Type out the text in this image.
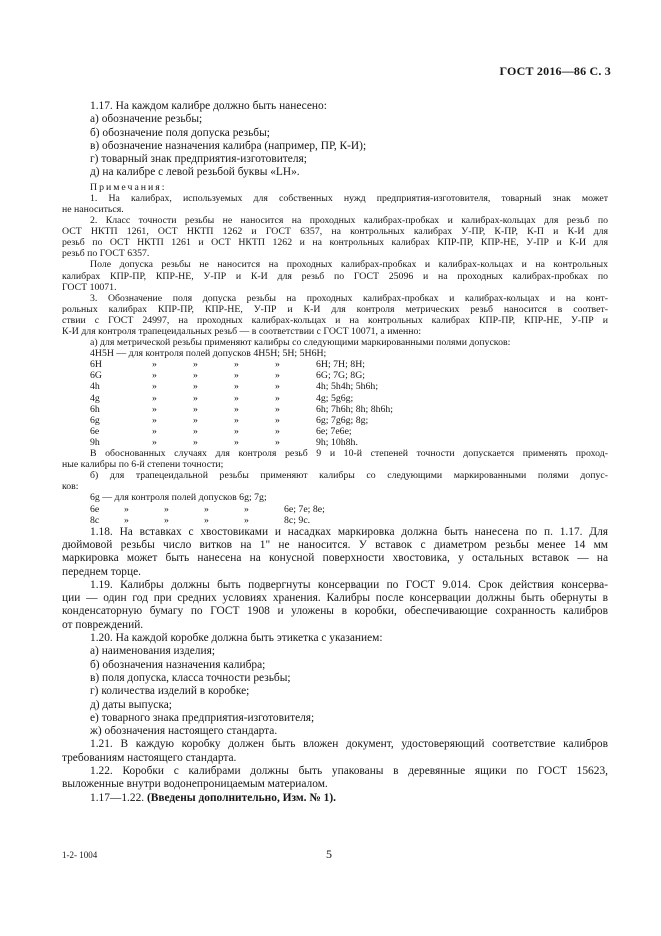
ГОСТ 2016—86 С. 3
1.17. На каждом калибре должно быть нанесено:
а) обозначение резьбы;
б) обозначение поля допуска резьбы;
в) обозначение назначения калибра (например, ПР, К-И);
г) товарный знак предприятия-изготовителя;
д) на калибре с левой резьбой буквы «LH».
Примечания:
1. На калибрах, используемых для собственных нужд предприятия-изготовителя, товарный знак может
не наноситься.
2. Класс точности резьбы не наносится на проходных калибрах-пробках и калибрах-кольцах для резьб по
ОСТ НКТП 1261, ОСТ НКТП 1262 и ГОСТ 6357, на контрольных калибрах У-ПР, К-ПР, К-П и К-И для
резьб по ОСТ НКТП 1261 и ОСТ НКТП 1262 и на контрольных калибрах КПР-ПР, КПР-НЕ, У-ПР и К-И для
резьб по ГОСТ 6357.
Поле допуска резьбы не наносится на проходных калибрах-пробках и калибрах-кольцах и на контрольных
калибрах КПР-ПР, КПР-НЕ, У-ПР и К-И для резьб по ГОСТ 25096 и на проходных калибрах-пробках по
ГОСТ 10071.
3. Обозначение поля допуска резьбы на проходных калибрах-пробках и калибрах-кольцах и на конт-
рольных калибрах КПР-ПР, КПР-НЕ, У-ПР и К-И для контроля метрических резьб наносится в соответ-
ствии с ГОСТ 24997, на проходных калибрах-кольцах и на контрольных калибрах КПР-ПР, КПР-НЕ, У-ПР и
К-И для контроля трапецеидальных резьб — в соответствии с ГОСТ 10071, а именно:
а) для метрической резьбы применяют калибры со следующими маркированными полями допусков:
4H5H — для контроля полей допусков 4H5H; 5H; 5H6H;
6H	»	»	»	»	6H; 7H; 8H;
6G	»	»	»	»	6G; 7G; 8G;
4h	»	»	»	»	4h; 5h4h; 5h6h;
4g	»	»	»	»	4g; 5g6g;
6h	»	»	»	»	6h; 7h6h; 8h; 8h6h;
6g	»	»	»	»	6g; 7g6g; 8g;
6e	»	»	»	»	6e; 7e6e;
9h	»	»	»	»	9h; 10h8h.
В обоснованных случаях для контроля резьб 9 и 10-й степеней точности допускается применять проход-
ные калибры по 6-й степени точности;
б) для трапецеидальной резьбы применяют калибры со следующими маркированными полями допус-
ков:
6g — для контроля полей допусков 6g; 7g;
6e	»	»	»	»	6e; 7e; 8e;
8c	»	»	»	»	8c; 9c.
1.18. На вставках с хвостовиками и насадках маркировка должна быть нанесена по п. 1.17. Для
дюймовой резьбы число витков на 1" не наносится. У вставок с диаметром резьбы менее 14 мм
маркировка может быть нанесена на конусной поверхности хвостовика, у остальных вставок — на
переднем торце.
1.19. Калибры должны быть подвергнуты консервации по ГОСТ 9.014. Срок действия консерва-
ции — один год при средних условиях хранения. Калибры после консервации должны быть обернуты в
конденсаторную бумагу по ГОСТ 1908 и уложены в коробки, обеспечивающие сохранность калибров
от повреждений.
1.20. На каждой коробке должна быть этикетка с указанием:
а) наименования изделия;
б) обозначения назначения калибра;
в) поля допуска, класса точности резьбы;
г) количества изделий в коробке;
д) даты выпуска;
е) товарного знака предприятия-изготовителя;
ж) обозначения настоящего стандарта.
1.21. В каждую коробку должен быть вложен документ, удостоверяющий соответствие калибров
требованиям настоящего стандарта.
1.22. Коробки с калибрами должны быть упакованы в деревянные ящики по ГОСТ 15623,
выложенные внутри водонепроницаемым материалом.
1.17—1.22. (Введены дополнительно, Изм. № 1).
1-2- 1004	5
